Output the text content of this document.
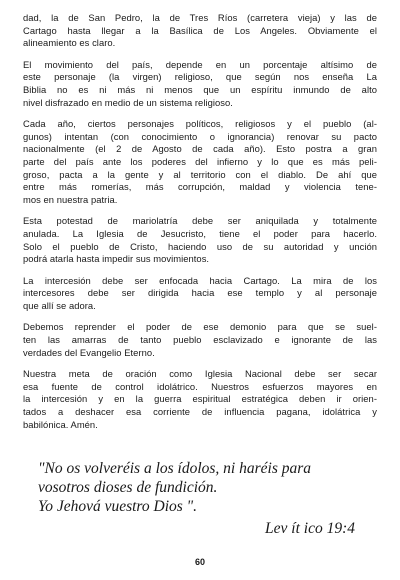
dad, la de San Pedro, la de Tres Ríos (carretera vieja) y las de
Cartago hasta llegar a la Basílica de Los Angeles. Obviamente el
alineamiento es claro.
El movimiento del país, depende en un porcentaje altísimo de
este personaje (la virgen) religioso, que según nos enseña La
Biblia no es ni más ni menos que un espíritu inmundo de alto
nivel disfrazado en medio de un sistema religioso.
Cada año, ciertos personajes políticos, religiosos y el pueblo (al-
gunos) intentan (con conocimiento o ignorancia) renovar su pacto
nacionalmente (el 2 de Agosto de cada año). Esto postra a gran
parte del país ante los poderes del infierno y lo que es más peli-
groso, pacta a la gente y al territorio con el diablo. De ahí que
entre más romerías, más corrupción, maldad y violencia tene-
mos en nuestra patria.
Esta potestad de mariolatría debe ser aniquilada y totalmente
anulada. La Iglesia de Jesucristo, tiene el poder para hacerlo.
Solo el pueblo de Cristo, haciendo uso de su autoridad y unción
podrá atarla hasta impedir sus movimientos.
La intercesión debe ser enfocada hacia Cartago. La mira de los
intercesores debe ser dirigida hacia ese templo y al personaje
que allí se adora.
Debemos reprender el poder de ese demonio para que se suel-
ten las amarras de tanto pueblo esclavizado e ignorante de las
verdades del Evangelio Eterno.
Nuestra meta de oración como Iglesia Nacional debe ser secar
esa fuente de control idolátrico. Nuestros esfuerzos mayores en
la intercesión y en la guerra espiritual estratégica deben ir orien-
tados a deshacer esa corriente de influencia pagana, idolátrica y
babilónica. Amén.
"No os volveréis a los ídolos, ni haréis para
vosotros dioses de fundición.
Yo Jehová vuestro Dios ".
Lev ít ico 19:4
60
